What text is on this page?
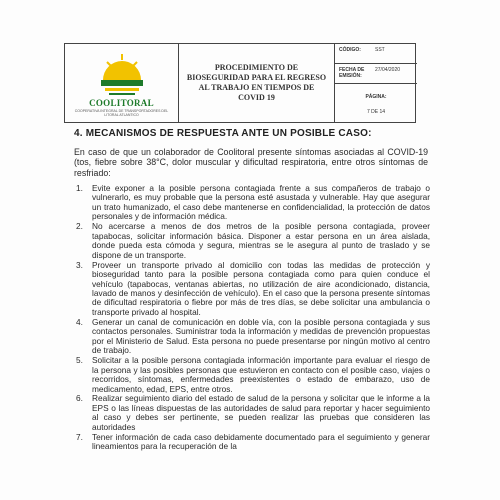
COOLITORAL
COOPERATIVA INTEGRAL DE TRANSPORTADORES DEL LITORAL ATLANTICO
PROCEDIMIENTO DE BIOSEGURIDAD PARA EL REGRESO AL TRABAJO EN TIEMPOS DE COVID 19
CÓDIGO:	SST
FECHA DE EMISIÓN:
27/04/2020
PÁGINA:
7 DE 14
4. MECANISMOS DE RESPUESTA ANTE UN POSIBLE CASO:
En caso de que un colaborador de Coolitoral presente síntomas asociadas al COVID-19 (tos, fiebre sobre 38°C, dolor muscular y dificultad respiratoria, entre otros síntomas de resfriado:
1.	Evite exponer a la posible persona contagiada frente a sus compañeros de trabajo o vulnerarlo, es muy probable que la persona esté asustada y vulnerable. Hay que asegurar un trato humanizado, el caso debe mantenerse en confidencialidad, la protección de datos personales y de información médica.
2.	No acercarse a menos de dos metros de la posible persona contagiada, proveer tapabocas, solicitar información básica. Disponer a estar persona en un área aislada, donde pueda esta cómoda y segura, mientras se le asegura al punto de traslado y se dispone de un transporte.
3.	Proveer un transporte privado al domicilio con todas las medidas de protección y bioseguridad tanto para la posible persona contagiada como para quien conduce el vehículo (tapabocas, ventanas abiertas, no utilización de aire acondicionado, distancia, lavado de manos y desinfección de vehículo). En el caso que la persona presente síntomas de dificultad respiratoria o fiebre por más de tres días, se debe solicitar una ambulancia o transporte privado al hospital.
4.	Generar un canal de comunicación en doble vía, con la posible persona contagiada y sus contactos personales. Suministrar toda la información y medidas de prevención propuestas por el Ministerio de Salud. Esta persona no puede presentarse por ningún motivo al centro de trabajo.
5.	Solicitar a la posible persona contagiada información importante para evaluar el riesgo de la persona y las posibles personas que estuvieron en contacto con el posible caso, viajes o recorridos, síntomas, enfermedades preexistentes o estado de embarazo, uso de medicamento, edad, EPS, entre otros.
6.	Realizar seguimiento diario del estado de salud de la persona y solicitar que le informe a la EPS o las líneas dispuestas de las autoridades de salud para reportar y hacer seguimiento al caso y debes ser pertinente, se pueden realizar las pruebas que consideren las autoridades
7.	Tener información de cada caso debidamente documentado para el seguimiento y generar lineamientos para la recuperación de la
